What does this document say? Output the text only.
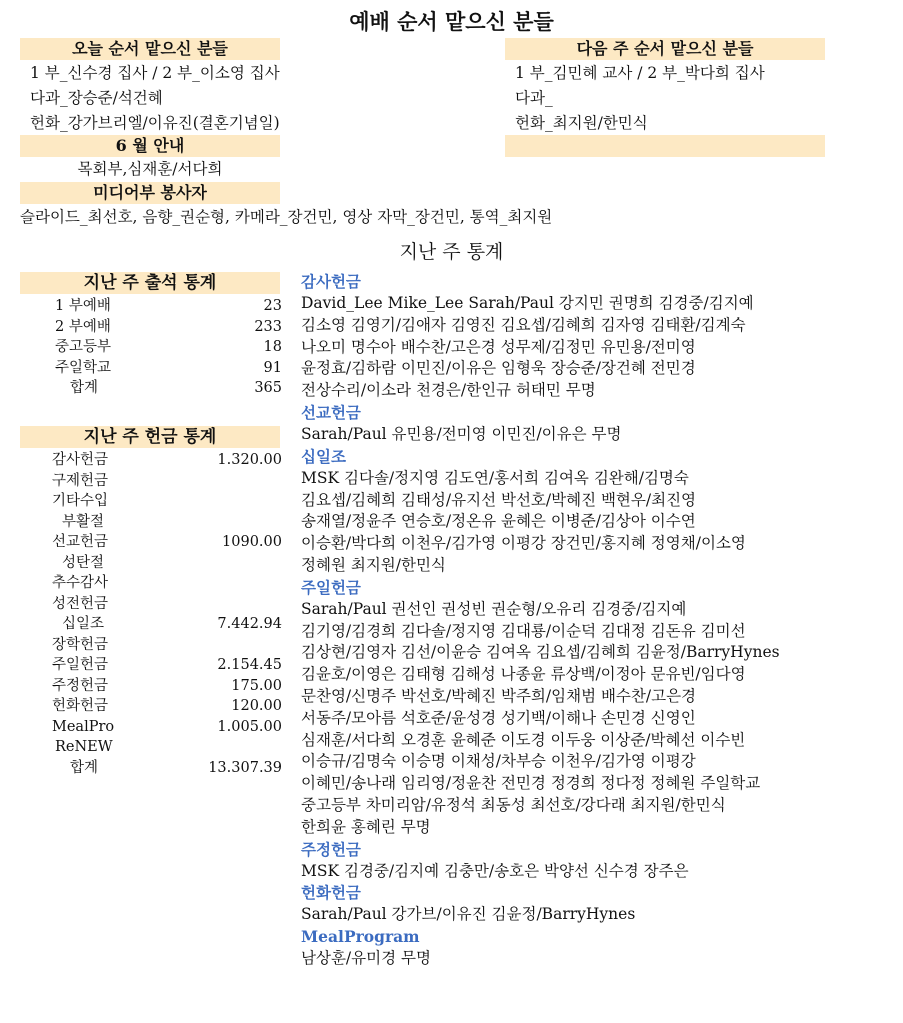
예배 순서 맡으신 분들
오늘 순서 맡으신 분들
1 부_신수경 집사 / 2 부_이소영 집사
다과_장승준/석건혜
헌화_강가브리엘/이유진(결혼기념일)
다음 주 순서 맡으신 분들
1 부_김민혜 교사 / 2 부_박다희 집사
다과_
헌화_최지원/한민식
6 월 안내
목회부,심재훈/서다희
미디어부 봉사자
슬라이드_최선호, 음향_권순형, 카메라_장건민, 영상 자막_장건민, 통역_최지원
지난 주 통계
지난 주 출석 통계
1 부예배	23
2 부예배	233
중고등부	18
주일학교	91
합계	365
지난 주 헌금 통계
감사헌금	1.320.00
구제헌금
기타수입
부활절
선교헌금	1090.00
성탄절
추수감사
성전헌금
십일조	7.442.94
장학헌금
주일헌금	2.154.45
주정헌금	175.00
헌화헌금	120.00
MealPro	1.005.00
ReNEW
합계	13.307.39
감사헌금
David_Lee Mike_Lee Sarah/Paul 강지민 권명희 김경중/김지예
김소영 김영기/김애자 김영진 김요셉/김혜희 김자영 김태환/김계숙
나오미 명수아 배수찬/고은경 성무제/김정민 유민용/전미영
윤정효/김하람 이민진/이유은 임형욱 장승준/장건혜 전민경
전상수리/이소라 천경은/한인규 허태민 무명
선교헌금
Sarah/Paul 유민용/전미영 이민진/이유은 무명
십일조
MSK 김다솔/정지영 김도연/홍서희 김여옥 김완해/김명숙
김요셉/김혜희 김태성/유지선 박선호/박혜진 백현우/최진영
송재열/정윤주 연승호/정온유 윤혜은 이병준/김상아 이수연
이승환/박다희 이천우/김가영 이평강 장건민/홍지혜 정영채/이소영
정혜원 최지원/한민식
주일헌금
Sarah/Paul 권선인 권성빈 권순형/오유리 김경중/김지예
김기영/김경희 김다솔/정지영 김대룡/이순덕 김대정 김돈유 김미선
김상현/김영자 김선/이윤승 김여옥 김요셉/김혜희 김윤정/BarryHynes
김윤호/이영은 김태형 김해성 나종윤 류상백/이정아 문유빈/임다영
문찬영/신명주 박선호/박혜진 박주희/임채범 배수찬/고은경
서동주/모아름 석호준/윤성경 성기백/이해나 손민경 신영인
심재훈/서다희 오경훈 윤혜준 이도경 이두웅 이상준/박혜선 이수빈
이승규/김명숙 이승명 이채성/차부승 이천우/김가영 이평강
이혜민/송나래 임리영/정윤찬 전민경 정경희 정다정 정혜원 주일학교
중고등부 차미리암/유정석 최동성 최선호/강다래 최지원/한민식
한희윤 홍혜린 무명
주정헌금
MSK 김경중/김지예 김충만/송호은 박양선 신수경 장주은
헌화헌금
Sarah/Paul 강가브/이유진 김윤정/BarryHynes
MealProgram
남상훈/유미경 무명
